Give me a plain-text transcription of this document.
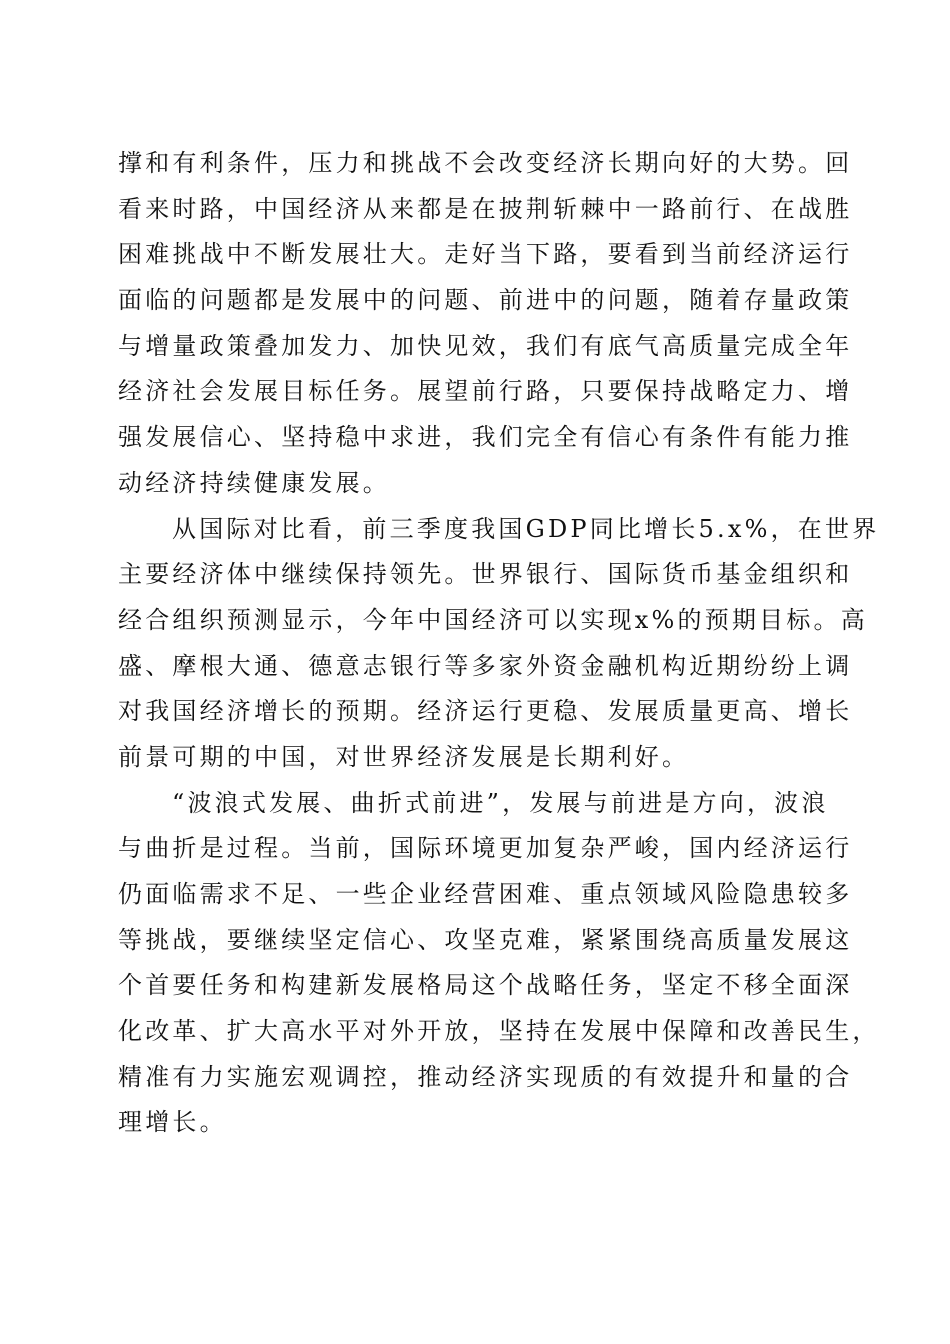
撑和有利条件，压力和挑战不会改变经济长期向好的大势。回
看来时路，中国经济从来都是在披荆斩棘中一路前行、在战胜
困难挑战中不断发展壮大。走好当下路，要看到当前经济运行
面临的问题都是发展中的问题、前进中的问题，随着存量政策
与增量政策叠加发力、加快见效，我们有底气高质量完成全年
经济社会发展目标任务。展望前行路，只要保持战略定力、增
强发展信心、坚持稳中求进，我们完全有信心有条件有能力推
动经济持续健康发展。
从国际对比看，前三季度我国GDP同比增长5.x%，在世界
主要经济体中继续保持领先。世界银行、国际货币基金组织和
经合组织预测显示，今年中国经济可以实现x%的预期目标。高
盛、摩根大通、德意志银行等多家外资金融机构近期纷纷上调
对我国经济增长的预期。经济运行更稳、发展质量更高、增长
前景可期的中国，对世界经济发展是长期利好。
“波浪式发展、曲折式前进”，发展与前进是方向，波浪
与曲折是过程。当前，国际环境更加复杂严峻，国内经济运行
仍面临需求不足、一些企业经营困难、重点领域风险隐患较多
等挑战，要继续坚定信心、攻坚克难，紧紧围绕高质量发展这
个首要任务和构建新发展格局这个战略任务，坚定不移全面深
化改革、扩大高水平对外开放，坚持在发展中保障和改善民生，
精准有力实施宏观调控，推动经济实现质的有效提升和量的合
理增长。
